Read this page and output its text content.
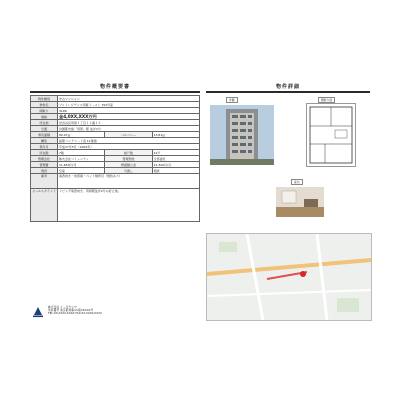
物件概要書
物件種別	中古マンション		
物件名	プリミレジデンス用賀イースト 702号室		
間取り	3LDK		
価格	金4,0XX,XXX万円		
所在地	世田谷区用賀１丁目１２番１２		
交通	田園都市線「用賀」駅 徒歩2分		
専有面積	80.07㎡	バルコニー	15.81㎡
構造	鉄筋コンクリート造 11階建		
築年月	平成17年5月（2005年）		
所在階	7階	総戸数	42戸
管理会社	株式会社コミュニティ	管理形態	全部委託
管理費	11,650円/月	修繕積立金	21,300円/月
現況	空室	引渡し	相談
備考	南西向き・角部屋・ペット飼育可（規約あり）		
セールスポイント	リビング南西向き、用賀駅徒歩2分の好立地。		
株式会社 イーダカシマ
免許番号 東京都知事(2)第XXXXX号
TEL:03-XXXX-XXXX FAX:03-XXXX-XXXX
物件詳細
外観	間取り図
室内
